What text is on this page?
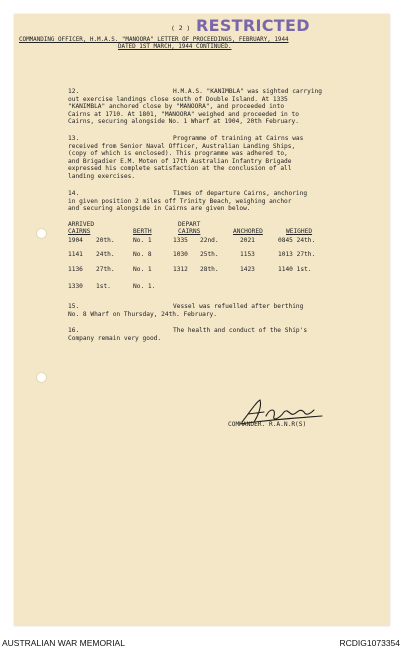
( 2 ) RESTRICTED
COMMANDING OFFICER, H.M.A.S. "MANOORA" LETTER OF PROCEEDINGS, FEBRUARY, 1944
DATED 1ST MARCH, 1944 CONTINUED.
12.	H.M.A.S. "KANIMBLA" was sighted carrying
out exercise landings close south of Double Island. At 1335
"KANIMBLA" anchored close by "MANOORA", and proceeded into
Cairns at 1710. At 1801, "MANOORA" weighed and proceeded in to
Cairns, securing alongside No. 1 Wharf at 1904, 20th February.
13.	Programme of training at Cairns was
received from Senior Naval Officer, Australian Landing Ships,
(copy of which is enclosed). This programme was adhered to,
and Brigadier E.M. Moten of 17th Australian Infantry Brigade
expressed his complete satisfaction at the conclusion of all
landing exercises.
14.	Times of departure Cairns, anchoring
in given position 2 miles off Trinity Beach, weighing anchor
and securing alongside in Cairns are given below.
ARRIVED
CAIRNS	BERTH
DEPART
CAIRNS	ANCHORED	WEIGHED
1904 20th.	No. 1	1335 22nd.	2021	0845 24th.
1141 24th.	No. 8	1030 25th.	1153	1013 27th.
1136 27th.	No. 1	1312 28th.	1423	1140 1st.
1330 1st.	No. 1.
15.	Vessel was refuelled after berthing
No. 8 Wharf on Thursday, 24th. February.
16.	The health and conduct of the Ship's
Company remain very good.
COMMANDER. R.A.N.R(S)
AUSTRALIAN WAR MEMORIAL	RCDIG1073354
